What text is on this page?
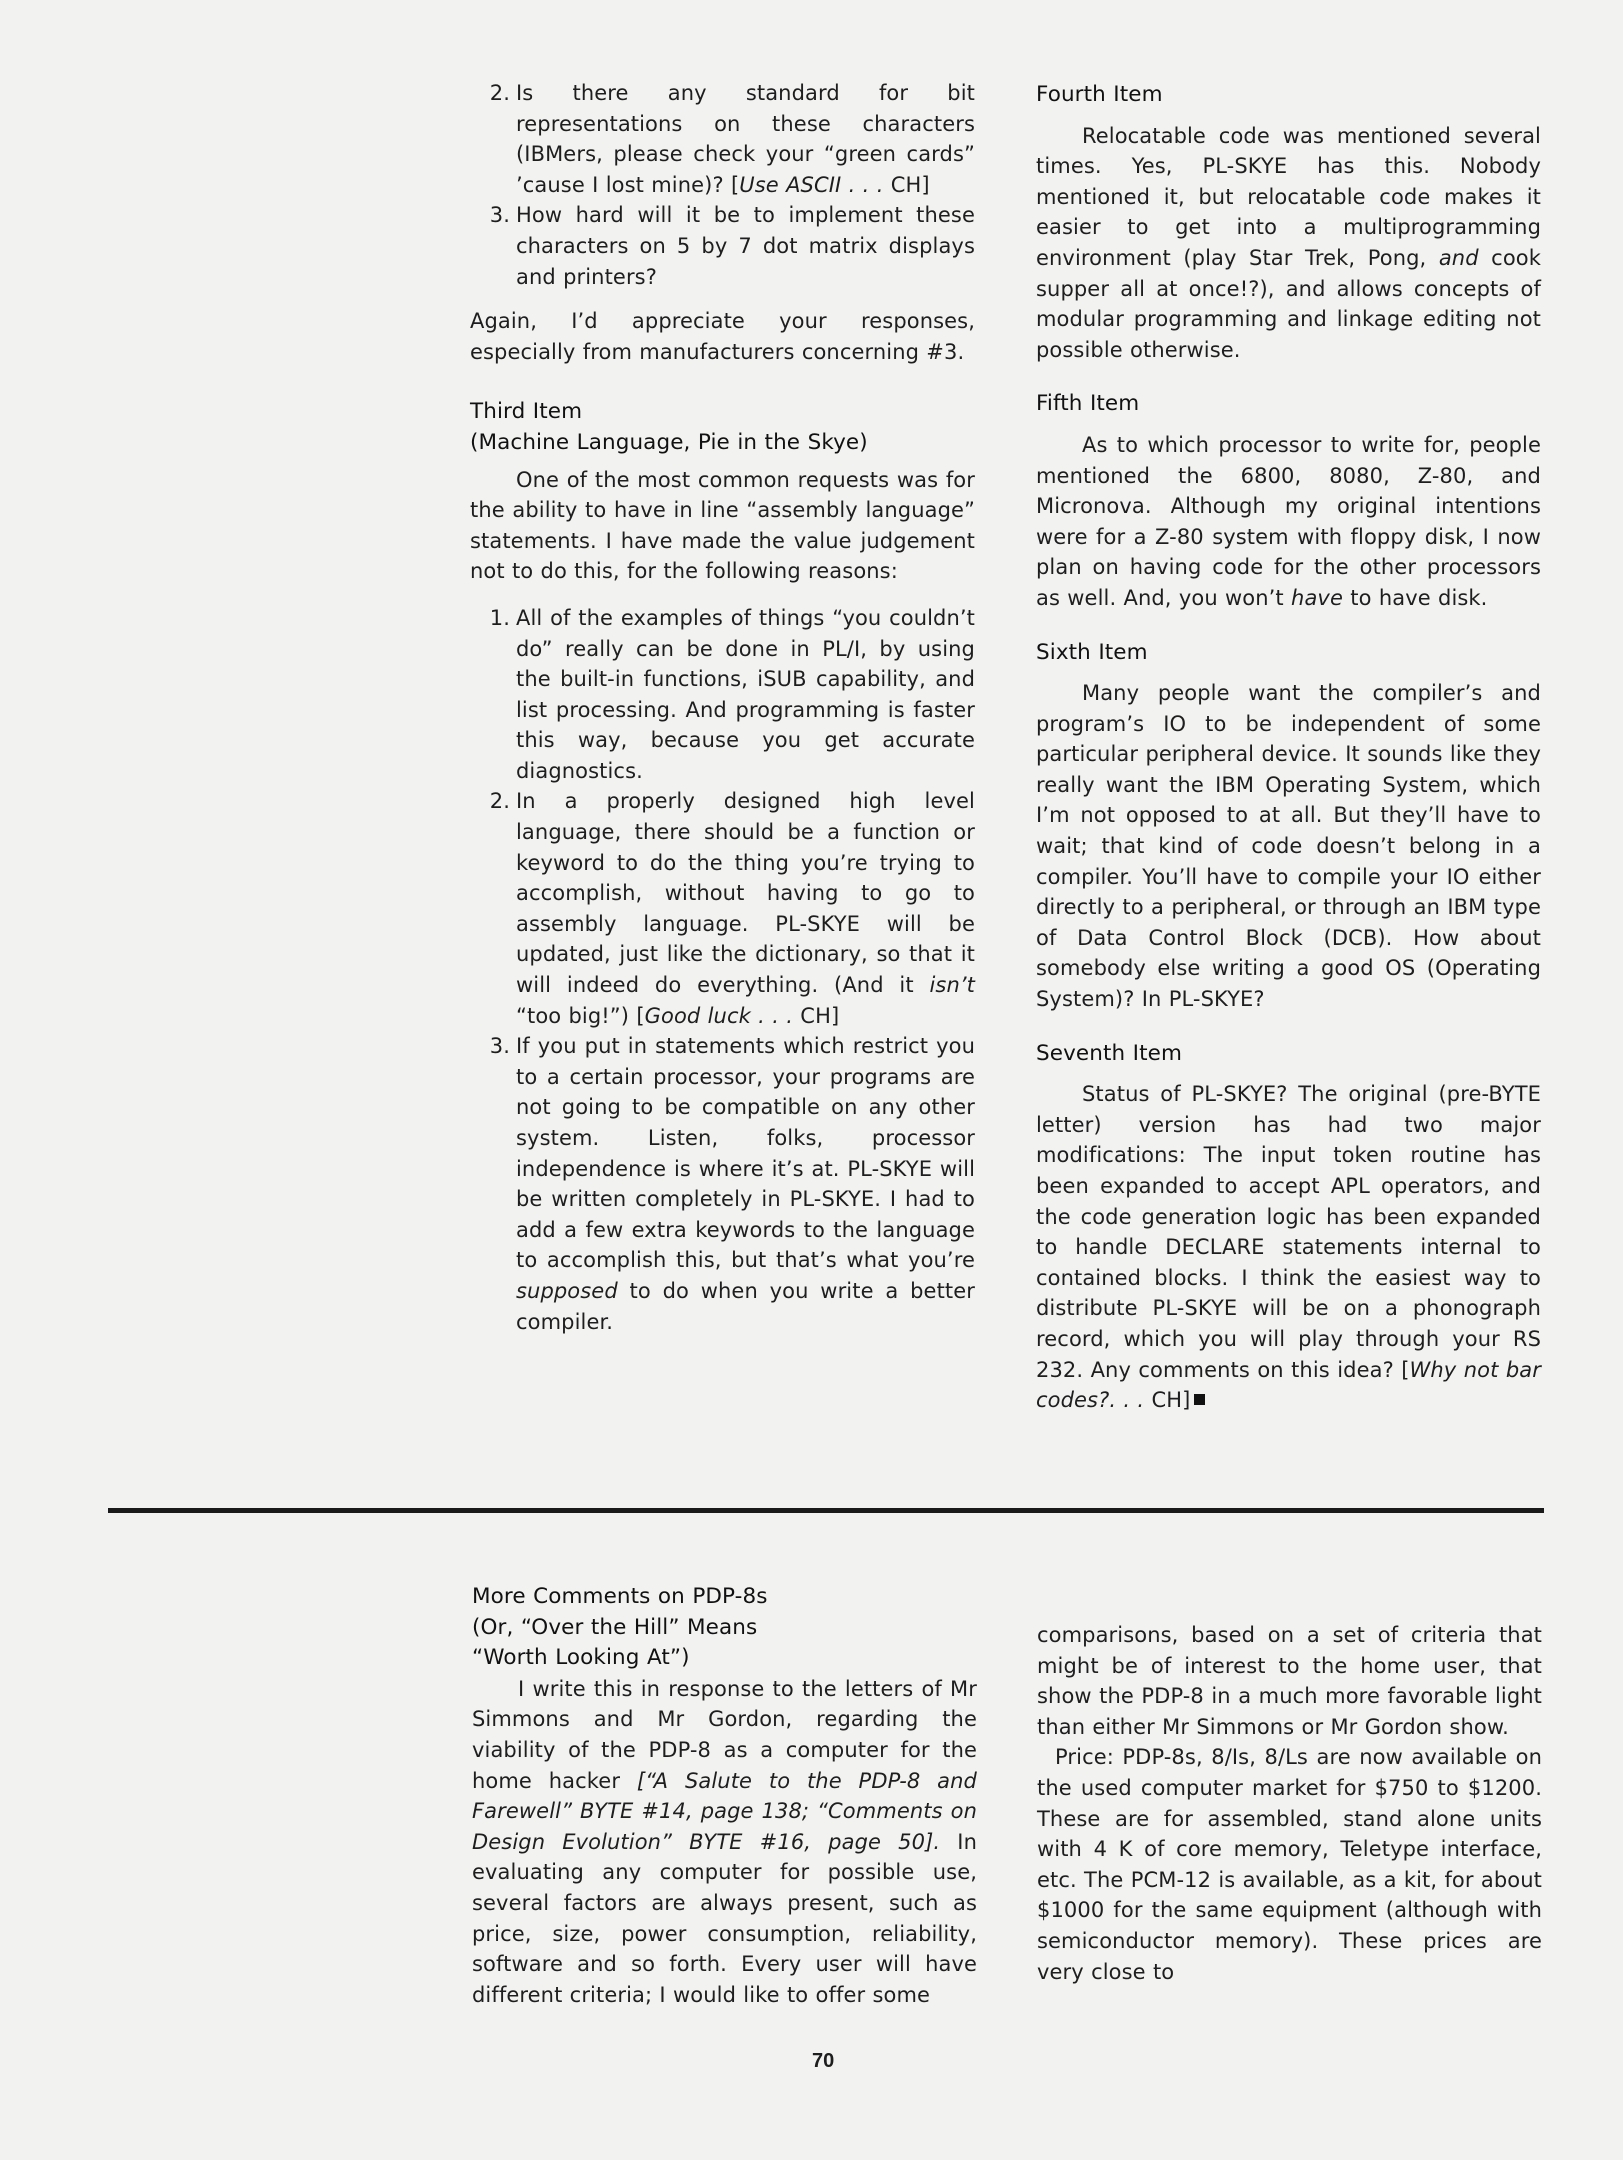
2. Is there any standard for bit representations on these characters (IBMers, please check your “green cards” ’cause I lost mine)? [Use ASCII . . . CH]
3. How hard will it be to implement these characters on 5 by 7 dot matrix displays and printers?

Again, I’d appreciate your responses, especially from manufacturers concerning #3.

Third Item

(Machine Language, Pie in the Skye)

One of the most common requests was for the ability to have in line “assembly language” statements. I have made the value judgement not to do this, for the following reasons:

1. All of the examples of things “you couldn’t do” really can be done in PL/I, by using the built-in functions, iSUB capability, and list processing. And programming is faster this way, because you get accurate diagnostics.
2. In a properly designed high level language, there should be a function or keyword to do the thing you’re trying to accomplish, without having to go to assembly language. PL-SKYE will be updated, just like the dictionary, so that it will indeed do everything. (And it isn’t “too big!”) [Good luck . . . CH]
3. If you put in statements which restrict you to a certain processor, your programs are not going to be compatible on any other system. Listen, folks, processor independence is where it’s at. PL-SKYE will be written completely in PL-SKYE. I had to add a few extra keywords to the language to accomplish this, but that’s what you’re supposed to do when you write a better compiler.

Fourth Item

Relocatable code was mentioned several times. Yes, PL-SKYE has this. Nobody mentioned it, but relocatable code makes it easier to get into a multiprogramming environment (play Star Trek, Pong, and cook supper all at once!?), and allows concepts of modular programming and linkage editing not possible otherwise.

Fifth Item

As to which processor to write for, people mentioned the 6800, 8080, Z-80, and Micronova. Although my original intentions were for a Z-80 system with floppy disk, I now plan on having code for the other processors as well. And, you won’t have to have disk.

Sixth Item

Many people want the compiler’s and program’s IO to be independent of some particular peripheral device. It sounds like they really want the IBM Operating System, which I’m not opposed to at all. But they’ll have to wait; that kind of code doesn’t belong in a compiler. You’ll have to compile your IO either directly to a peripheral, or through an IBM type of Data Control Block (DCB). How about somebody else writing a good OS (Operating System)? In PL-SKYE?

Seventh Item

Status of PL-SKYE? The original (pre-BYTE letter) version has had two major modifications: The input token routine has been expanded to accept APL operators, and the code generation logic has been expanded to handle DECLARE statements internal to contained blocks. I think the easiest way to distribute PL-SKYE will be on a phonograph record, which you will play through your RS 232. Any comments on this idea? [Why not bar codes?. . . CH]

More Comments on PDP-8s

(Or, “Over the Hill” Means

“Worth Looking At”)

I write this in response to the letters of Mr Simmons and Mr Gordon, regarding the viability of the PDP-8 as a computer for the home hacker [“A Salute to the PDP-8 and Farewell” BYTE #14, page 138; “Comments on Design Evolution” BYTE #16, page 50]. In evaluating any computer for possible use, several factors are always present, such as price, size, power consumption, reliability, software and so forth. Every user will have different criteria; I would like to offer some

comparisons, based on a set of criteria that might be of interest to the home user, that show the PDP-8 in a much more favorable light than either Mr Simmons or Mr Gordon show.

Price: PDP-8s, 8/Is, 8/Ls are now available on the used computer market for $750 to $1200. These are for assembled, stand alone units with 4 K of core memory, Teletype interface, etc. The PCM-12 is available, as a kit, for about $1000 for the same equipment (although with semiconductor memory). These prices are very close to

70
